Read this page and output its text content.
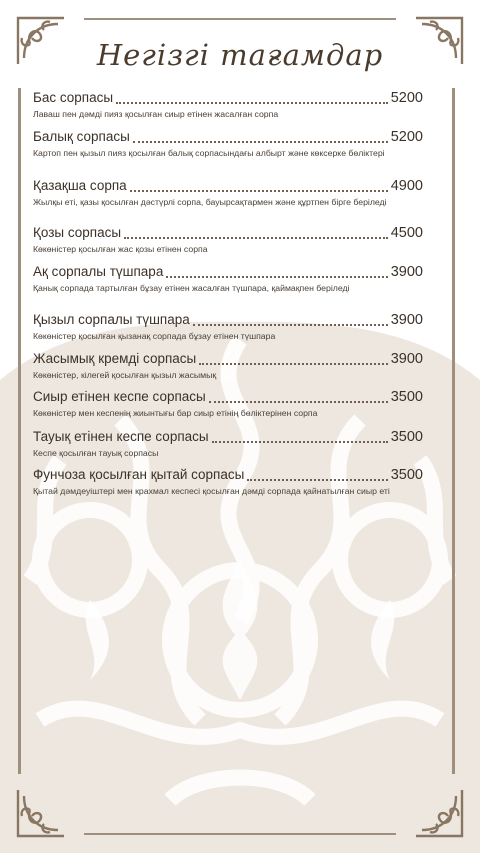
Негізгі тағамдар
Бас сорпасы	5200
Лаваш пен дәмді пияз қосылған сиыр етінен жасалған сорпа
Балық сорпасы	5200
Картоп пен қызыл пияз қосылған балық сорпасындағы албырт және көксерке бөліктері
Қазақша сорпа	4900
Жылқы еті, қазы қосылған дәстүрлі сорпа, бауырсақтармен және құртпен бірге беріледі
Қозы сорпасы	4500
Көкөністер қосылған жас қозы етінен сорпа
Ақ сорпалы түшпара	3900
Қанық сорпада тартылған бұзау етінен жасалған түшпара, қаймақпен беріледі
Қызыл сорпалы түшпара	3900
Көкөністер қосылған қызанақ сорпада бұзау етінен түшпара
Жасымық кремді сорпасы	3900
Көкөністер, кілегей қосылған қызыл жасымық
Сиыр етінен кеспе сорпасы	3500
Көкөністер мен кеспенің жиынтығы бар сиыр етінің бөліктерінен сорпа
Тауық етінен кеспе сорпасы	3500
Кеспе қосылған тауық сорпасы
Фунчоза қосылған қытай сорпасы	3500
Қытай дәмдеуіштері мен крахмал кеспесі қосылған дәмді сорпада қайнатылған сиыр еті
